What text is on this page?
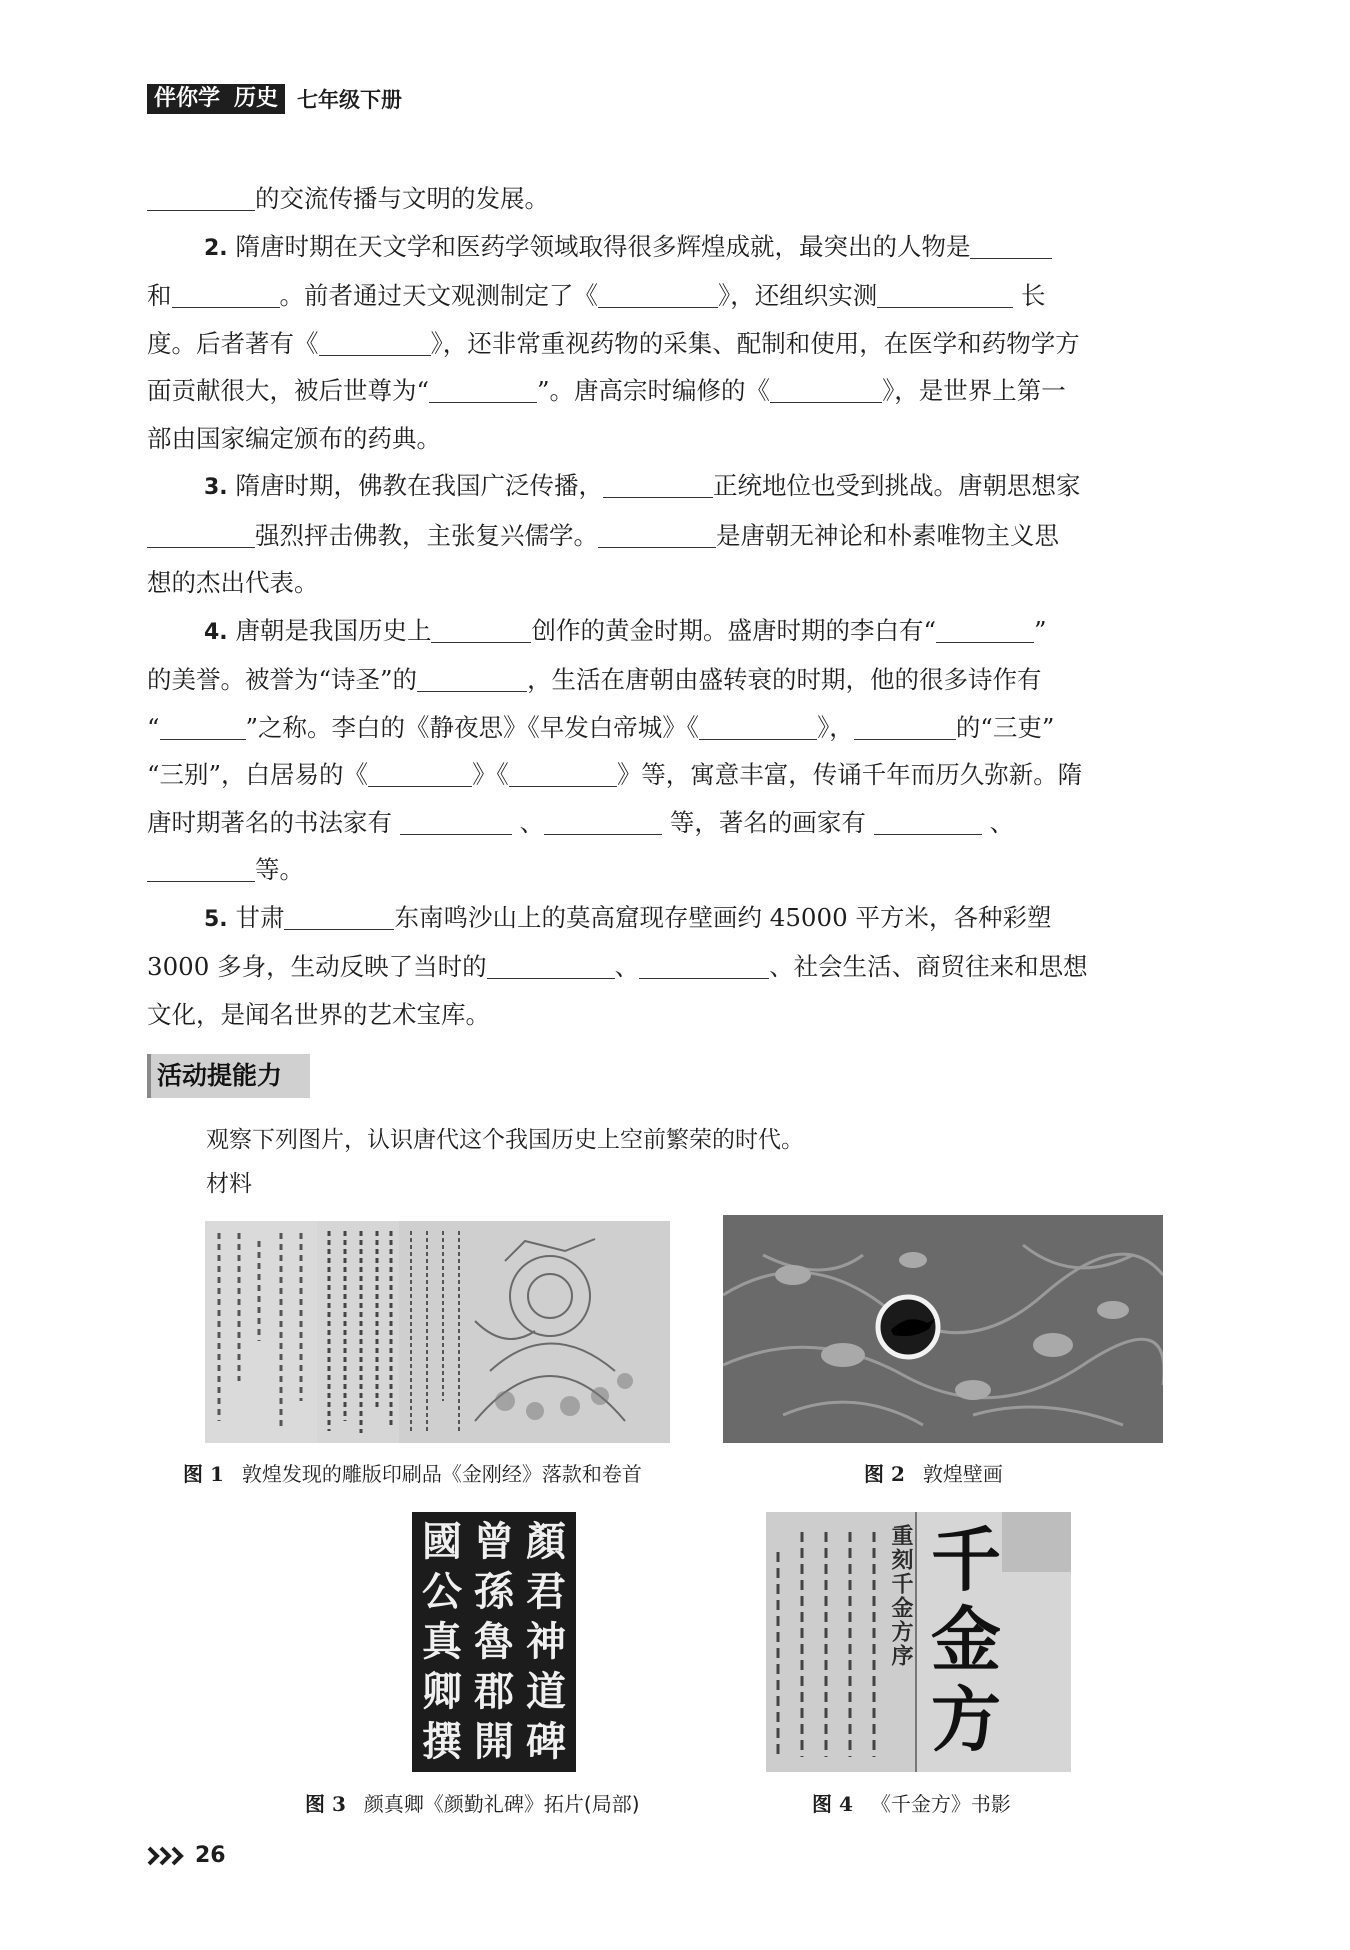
伴你学 历史 七年级下册

的交流传播与文明的发展。

2. 隋唐时期在天文学和医药学领域取得很多辉煌成就，最突出的人物是

和	。前者通过天文观测制定了《	》，还组织实测	长

度。后者著有《	》，还非常重视药物的采集、配制和使用，在医学和药物学方

面贡献很大，被后世尊为“	”。唐高宗时编修的《	》，是世界上第一

部由国家编定颁布的药典。

3. 隋唐时期，佛教在我国广泛传播，	正统地位也受到挑战。唐朝思想家

强烈抨击佛教，主张复兴儒学。	是唐朝无神论和朴素唯物主义思

想的杰出代表。

4. 唐朝是我国历史上	创作的黄金时期。盛唐时期的李白有“	”

的美誉。被誉为“诗圣”的	，生活在唐朝由盛转衰的时期，他的很多诗作有

“	”之称。李白的《静夜思》《早发白帝城》《	》，	的“三吏”

“三别”，白居易的《	》《	》等，寓意丰富，传诵千年而历久弥新。隋

唐时期著名的书法家有	、	等，著名的画家有	、

等。

5. 甘肃	东南鸣沙山上的莫高窟现存壁画约 45000 平方米，各种彩塑

3000 多身，生动反映了当时的	、	、社会生活、商贸往来和思想

文化，是闻名世界的艺术宝库。

活动提能力
观察下列图片，认识唐代这个我国历史上空前繁荣的时代。
材料
顏
君
神
道
碑
曾
孫
魯
郡
開
國
公
真
卿
撰
重刻千金方序 千
金
方
图 1 敦煌发现的雕版印刷品《金刚经》落款和卷首	图 2 敦煌壁画
图 3 颜真卿《颜勤礼碑》拓片(局部)	图 4 《千金方》书影
26
